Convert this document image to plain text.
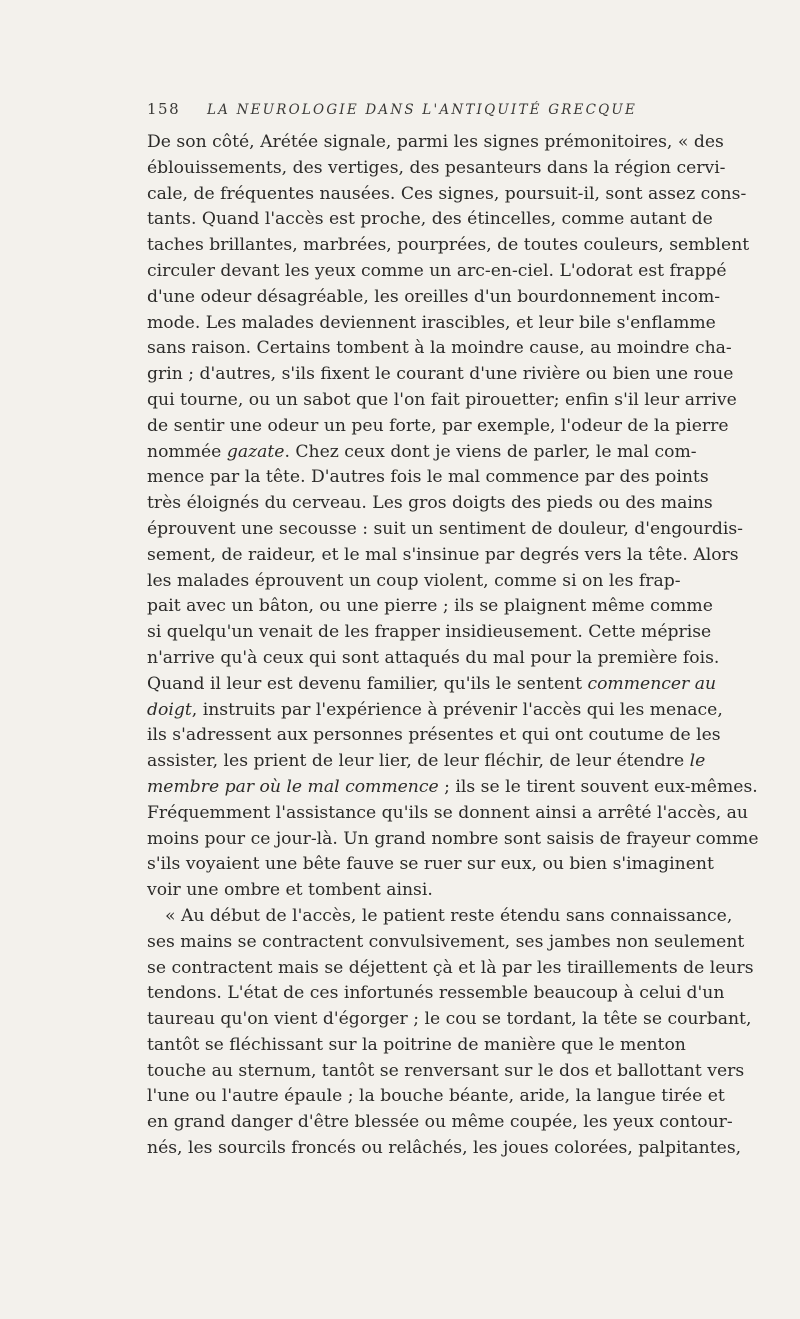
158 LA NEUROLOGIE DANS L'ANTIQUITÉ GRECQUE
De son côté, Arétée signale, parmi les signes prémonitoires, « des
éblouissements, des vertiges, des pesanteurs dans la région cervi-
cale, de fréquentes nausées. Ces signes, poursuit-il, sont assez cons-
tants. Quand l'accès est proche, des étincelles, comme autant de
taches brillantes, marbrées, pourprées, de toutes couleurs, semblent
circuler devant les yeux comme un arc-en-ciel. L'odorat est frappé
d'une odeur désagréable, les oreilles d'un bourdonnement incom-
mode. Les malades deviennent irascibles, et leur bile s'enflamme
sans raison. Certains tombent à la moindre cause, au moindre cha-
grin ; d'autres, s'ils fixent le courant d'une rivière ou bien une roue
qui tourne, ou un sabot que l'on fait pirouetter; enfin s'il leur arrive
de sentir une odeur un peu forte, par exemple, l'odeur de la pierre
nommée gazate. Chez ceux dont je viens de parler, le mal com-
mence par la tête. D'autres fois le mal commence par des points
très éloignés du cerveau. Les gros doigts des pieds ou des mains
éprouvent une secousse : suit un sentiment de douleur, d'engourdis-
sement, de raideur, et le mal s'insinue par degrés vers la tête. Alors
les malades éprouvent un coup violent, comme si on les frap-
pait avec un bâton, ou une pierre ; ils se plaignent même comme
si quelqu'un venait de les frapper insidieusement. Cette méprise
n'arrive qu'à ceux qui sont attaqués du mal pour la première fois.
Quand il leur est devenu familier, qu'ils le sentent commencer au
doigt, instruits par l'expérience à prévenir l'accès qui les menace,
ils s'adressent aux personnes présentes et qui ont coutume de les
assister, les prient de leur lier, de leur fléchir, de leur étendre le
membre par où le mal commence ; ils se le tirent souvent eux-mêmes.
Fréquemment l'assistance qu'ils se donnent ainsi a arrêté l'accès, au
moins pour ce jour-là. Un grand nombre sont saisis de frayeur comme
s'ils voyaient une bête fauve se ruer sur eux, ou bien s'imaginent
voir une ombre et tombent ainsi.
« Au début de l'accès, le patient reste étendu sans connaissance,
ses mains se contractent convulsivement, ses jambes non seulement
se contractent mais se déjettent çà et là par les tiraillements de leurs
tendons. L'état de ces infortunés ressemble beaucoup à celui d'un
taureau qu'on vient d'égorger ; le cou se tordant, la tête se courbant,
tantôt se fléchissant sur la poitrine de manière que le menton
touche au sternum, tantôt se renversant sur le dos et ballottant vers
l'une ou l'autre épaule ; la bouche béante, aride, la langue tirée et
en grand danger d'être blessée ou même coupée, les yeux contour-
nés, les sourcils froncés ou relâchés, les joues colorées, palpitantes,
